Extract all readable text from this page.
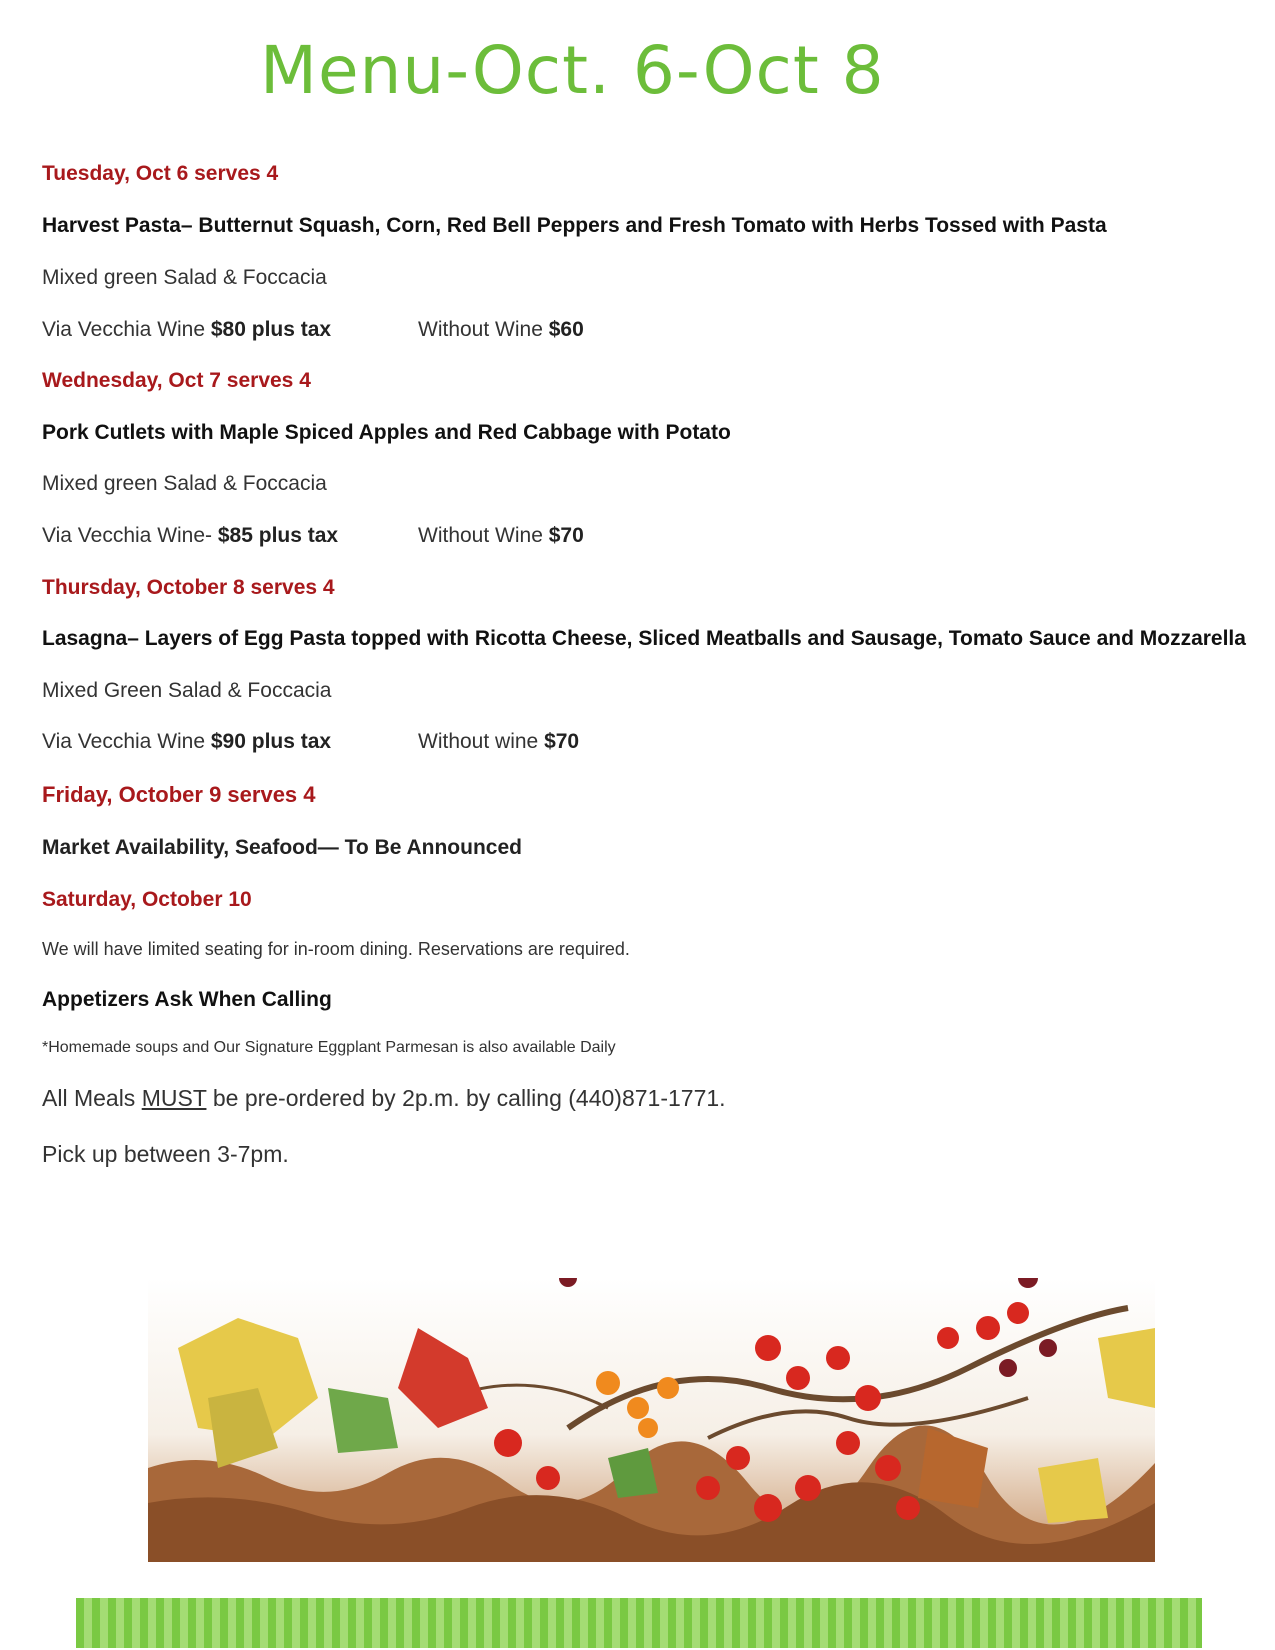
Menu-Oct. 6-Oct 8
Tuesday, Oct 6 serves 4
Harvest Pasta– Butternut Squash, Corn, Red Bell Peppers and Fresh Tomato with Herbs Tossed with Pasta
Mixed green Salad & Foccacia
Via Vecchia Wine $80 plus tax	Without Wine $60
Wednesday, Oct 7 serves 4
Pork Cutlets with Maple Spiced Apples and Red Cabbage with Potato
Mixed green Salad & Foccacia
Via Vecchia Wine- $85 plus tax	Without Wine $70
Thursday, October 8 serves 4
Lasagna– Layers of Egg Pasta topped with Ricotta Cheese, Sliced Meatballs and Sausage, Tomato Sauce and Mozzarella
Mixed Green Salad & Foccacia
Via Vecchia Wine $90 plus tax	Without wine $70
Friday, October 9 serves 4
Market Availability, Seafood— To Be Announced
Saturday, October 10
We will have limited seating for in-room dining. Reservations are required.
Appetizers Ask When Calling
*Homemade soups and Our Signature Eggplant Parmesan is also available Daily
All Meals MUST be pre-ordered by 2p.m. by calling (440)871-1771.
Pick up between 3-7pm.
